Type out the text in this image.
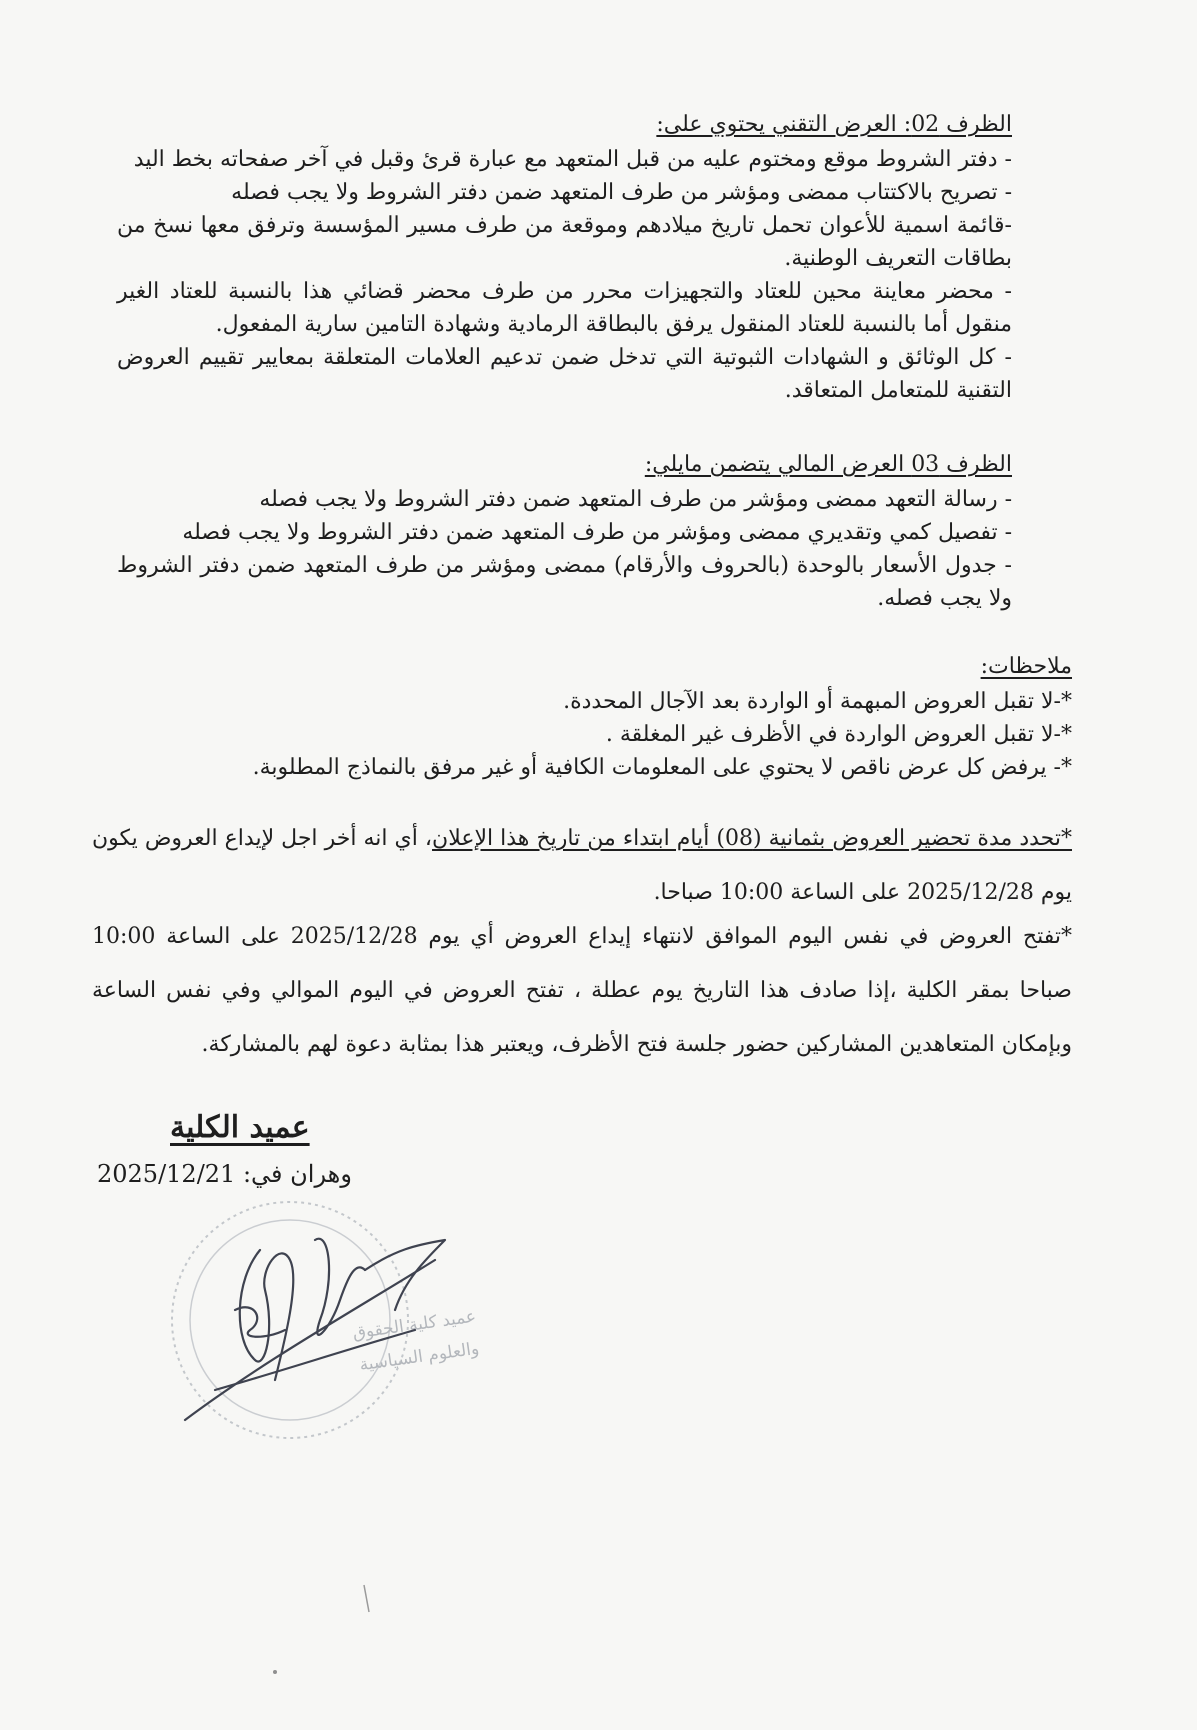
الظرف 02: العرض التقني يحتوي على:
- دفتر الشروط موقع ومختوم عليه من قبل المتعهد مع عبارة قرئ وقبل في آخر صفحاته بخط اليد
- تصريح بالاكتتاب ممضى ومؤشر من طرف المتعهد ضمن دفتر الشروط ولا يجب فصله
-قائمة اسمية للأعوان تحمل تاريخ ميلادهم وموقعة من طرف مسير المؤسسة وترفق معها نسخ من بطاقات التعريف الوطنية.
- محضر معاينة محين للعتاد والتجهيزات محرر من طرف محضر قضائي هذا بالنسبة للعتاد الغير منقول أما بالنسبة للعتاد المنقول يرفق بالبطاقة الرمادية وشهادة التامين سارية المفعول.
- كل الوثائق و الشهادات الثبوتية التي تدخل ضمن تدعيم العلامات المتعلقة بمعايير تقييم العروض التقنية للمتعامل المتعاقد.
الظرف 03 العرض المالي يتضمن مايلي:
- رسالة التعهد ممضى ومؤشر من طرف المتعهد ضمن دفتر الشروط ولا يجب فصله
- تفصيل كمي وتقديري ممضى ومؤشر من طرف المتعهد ضمن دفتر الشروط ولا يجب فصله
- جدول الأسعار بالوحدة (بالحروف والأرقام) ممضى ومؤشر من طرف المتعهد ضمن دفتر الشروط ولا يجب فصله.
ملاحظات:
*-لا تقبل العروض المبهمة أو الواردة بعد الآجال المحددة.
*-لا تقبل العروض الواردة في الأظرف غير المغلقة .
*- يرفض كل عرض ناقص لا يحتوي على المعلومات الكافية أو غير مرفق بالنماذج المطلوبة.
*تحدد مدة تحضير العروض بثمانية (08) أيام ابتداء من تاريخ هذا الإعلان، أي انه أخر اجل لإيداع العروض يكون يوم 2025/12/28 على الساعة 10:00 صباحا.
*تفتح العروض في نفس اليوم الموافق لانتهاء إيداع العروض أي يوم 2025/12/28 على الساعة 10:00 صباحا بمقر الكلية ،إذا صادف هذا التاريخ يوم عطلة ، تفتح العروض في اليوم الموالي وفي نفس الساعة وبإمكان المتعاهدين المشاركين حضور جلسة فتح الأظرف، ويعتبر هذا بمثابة دعوة لهم بالمشاركة.
عميد الكلية
وهران في: 2025/12/21
عميد كلية الحقوق
والعلوم السياسية
